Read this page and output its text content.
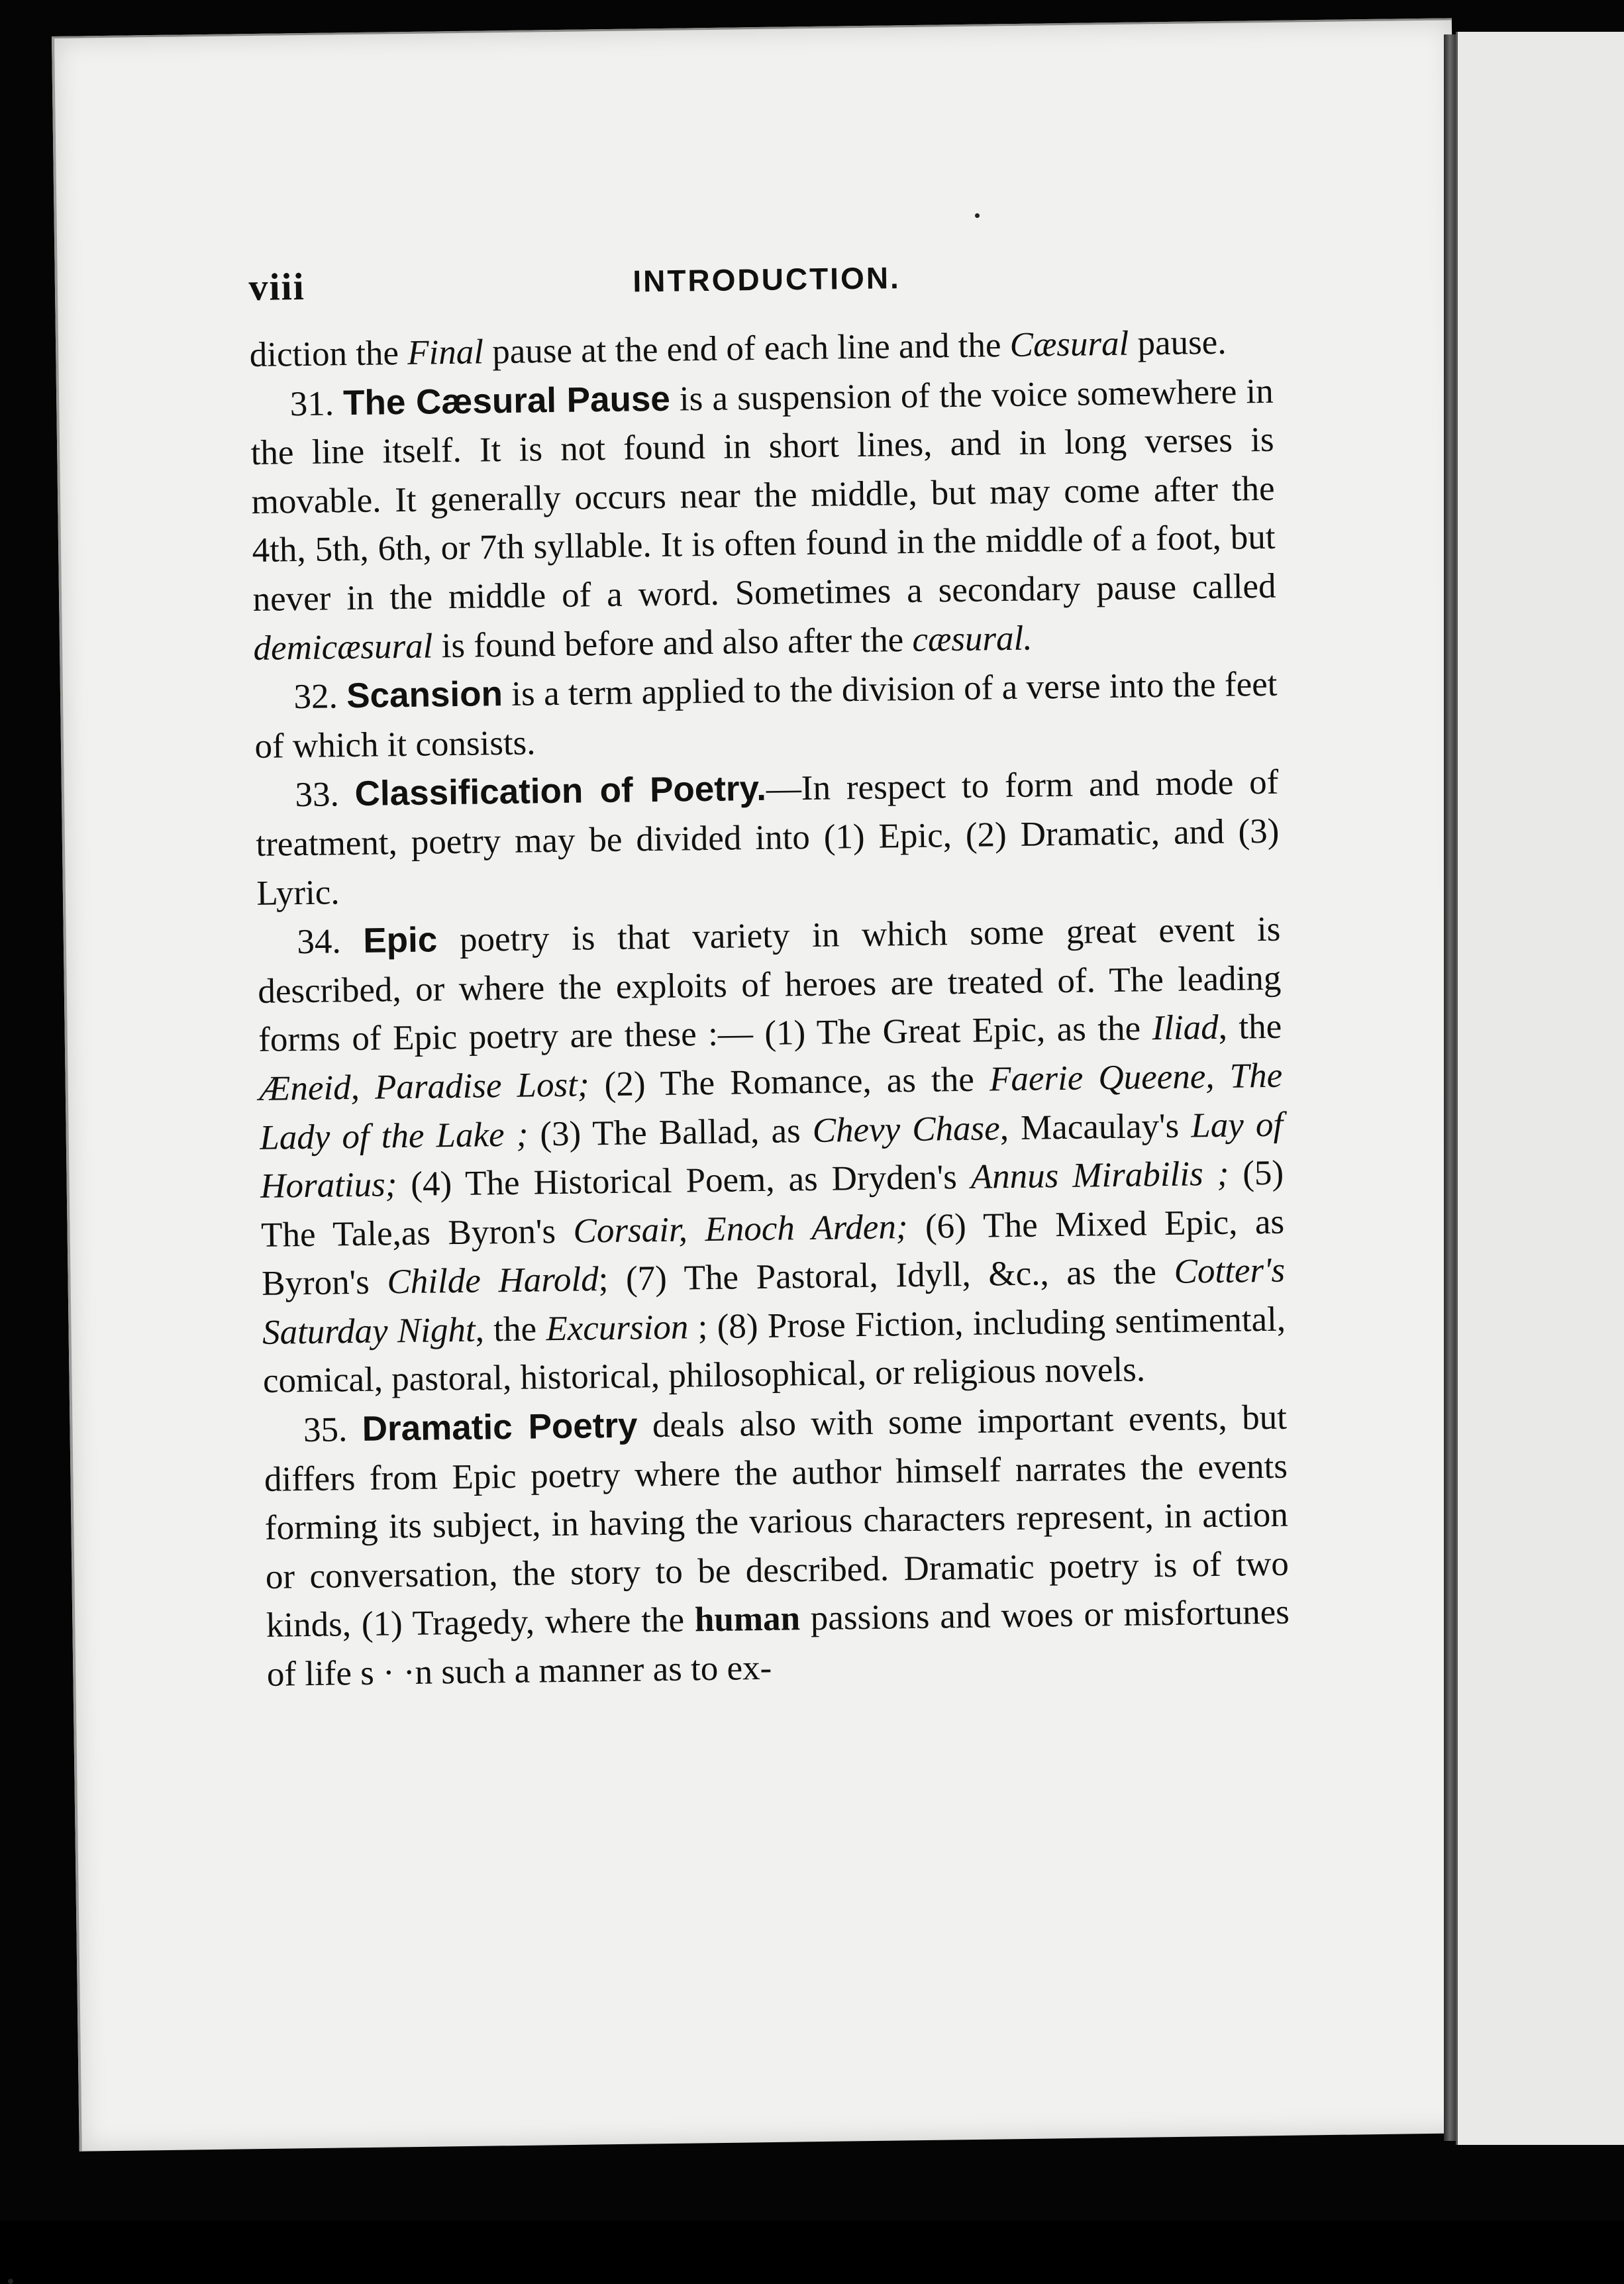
viii	INTRODUCTION.

diction the Final pause at the end of each line and the Cæsural pause.

31. The Cæsural Pause is a suspension of the voice somewhere in the line itself. It is not found in short lines, and in long verses is movable. It generally occurs near the middle, but may come after the 4th, 5th, 6th, or 7th syllable. It is often found in the middle of a foot, but never in the middle of a word. Sometimes a secondary pause called demicæsural is found before and also after the cæsural.

32. Scansion is a term applied to the division of a verse into the feet of which it consists.

33. Classification of Poetry.—In respect to form and mode of treatment, poetry may be divided into (1) Epic, (2) Dramatic, and (3) Lyric.

34. Epic poetry is that variety in which some great event is described, or where the exploits of heroes are treated of. The leading forms of Epic poetry are these :— (1) The Great Epic, as the Iliad, the Æneid, Paradise Lost; (2) The Romance, as the Faerie Queene, The Lady of the Lake ; (3) The Ballad, as Chevy Chase, Macaulay's Lay of Horatius; (4) The Historical Poem, as Dryden's Annus Mirabilis ; (5) The Tale,as Byron's Corsair, Enoch Arden; (6) The Mixed Epic, as Byron's Childe Harold; (7) The Pastoral, Idyll, &c., as the Cotter's Saturday Night, the Excursion ; (8) Prose Fiction, including sentimental, comical, pastoral, historical, philosophical, or religious novels.

35. Dramatic Poetry deals also with some important events, but differs from Epic poetry where the author himself narrates the events forming its subject, in having the various characters represent, in action or conversation, the story to be described. Dramatic poetry is of two kinds, (1) Tragedy, where the human passions and woes or misfortunes of life s · ·n such a manner as to ex-
